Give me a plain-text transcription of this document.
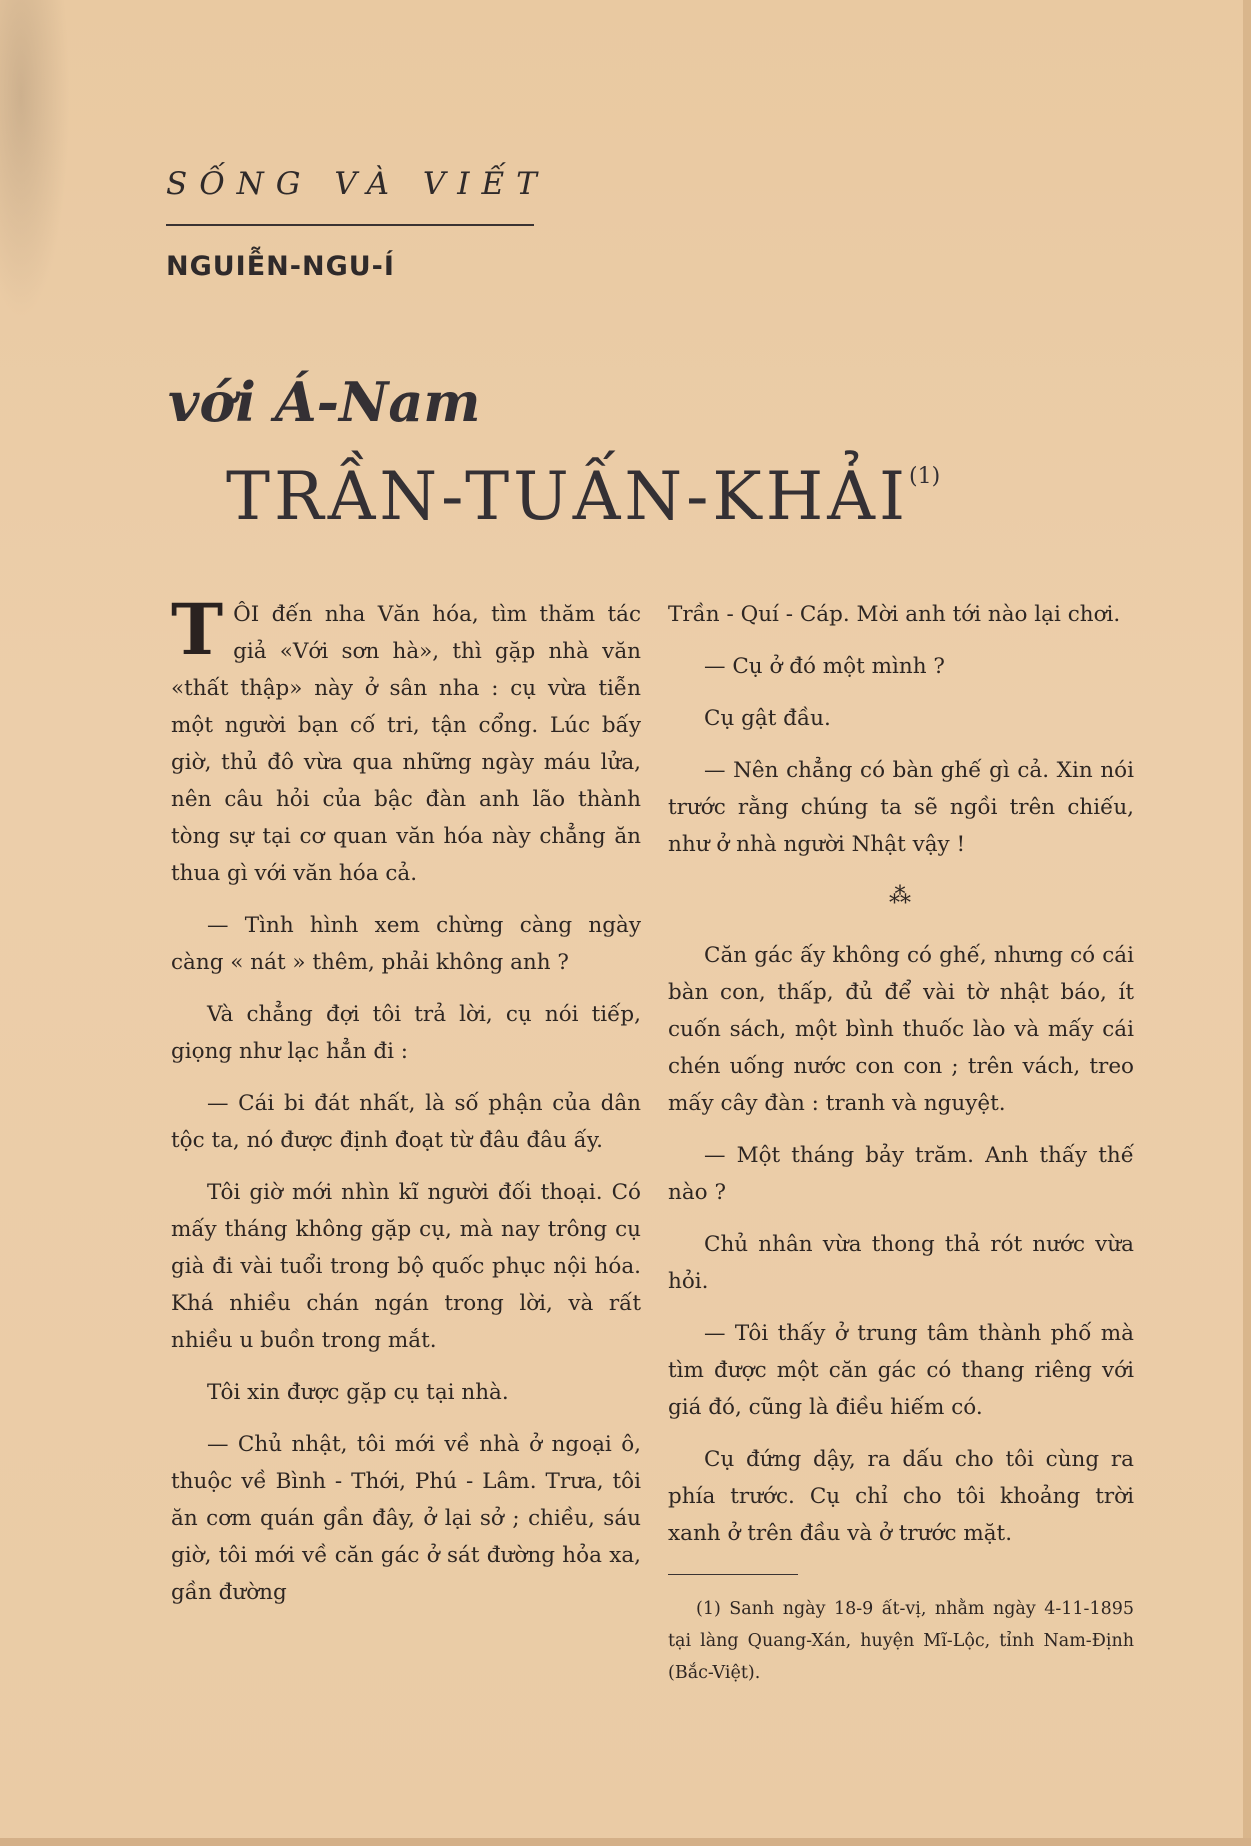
SỐNG VÀ VIẾT
NGUIỄN-NGU-Í
với Á-Nam
TRẦN-TUẤN-KHẢI$^{(1)}$

TÔI đến nha Văn hóa, tìm thăm tác giả «Với sơn hà», thì gặp nhà văn «thất thập» này ở sân nha : cụ vừa tiễn một người bạn cố tri, tận cổng. Lúc bấy giờ, thủ đô vừa qua những ngày máu lửa, nên câu hỏi của bậc đàn anh lão thành tòng sự tại cơ quan văn hóa này chẳng ăn thua gì với văn hóa cả.

— Tình hình xem chừng càng ngày càng « nát » thêm, phải không anh ?

Và chẳng đợi tôi trả lời, cụ nói tiếp, giọng như lạc hẳn đi :

— Cái bi đát nhất, là số phận của dân tộc ta, nó được định đoạt từ đâu đâu ấy.

Tôi giờ mới nhìn kĩ người đối thoại. Có mấy tháng không gặp cụ, mà nay trông cụ già đi vài tuổi trong bộ quốc phục nội hóa. Khá nhiều chán ngán trong lời, và rất nhiều u buồn trong mắt.

Tôi xin được gặp cụ tại nhà.

— Chủ nhật, tôi mới về nhà ở ngoại ô, thuộc về Bình - Thới, Phú - Lâm. Trưa, tôi ăn cơm quán gần đây, ở lại sở ; chiều, sáu giờ, tôi mới về căn gác ở sát đường hỏa xa, gần đường

Trần - Quí - Cáp. Mời anh tới nào lại chơi.

— Cụ ở đó một mình ?

Cụ gật đầu.

— Nên chẳng có bàn ghế gì cả. Xin nói trước rằng chúng ta sẽ ngồi trên chiếu, như ở nhà người Nhật vậy !

⁂

Căn gác ấy không có ghế, nhưng có cái bàn con, thấp, đủ để vài tờ nhật báo, ít cuốn sách, một bình thuốc lào và mấy cái chén uống nước con con ; trên vách, treo mấy cây đàn : tranh và nguyệt.

— Một tháng bảy trăm. Anh thấy thế nào ?

Chủ nhân vừa thong thả rót nước vừa hỏi.

— Tôi thấy ở trung tâm thành phố mà tìm được một căn gác có thang riêng với giá đó, cũng là điều hiếm có.

Cụ đứng dậy, ra dấu cho tôi cùng ra phía trước. Cụ chỉ cho tôi khoảng trời xanh ở trên đầu và ở trước mặt.

(1) Sanh ngày 18-9 ất-vị, nhằm ngày 4-11-1895 tại làng Quang-Xán, huyện Mĩ-Lộc, tỉnh Nam-Định (Bắc-Việt).
